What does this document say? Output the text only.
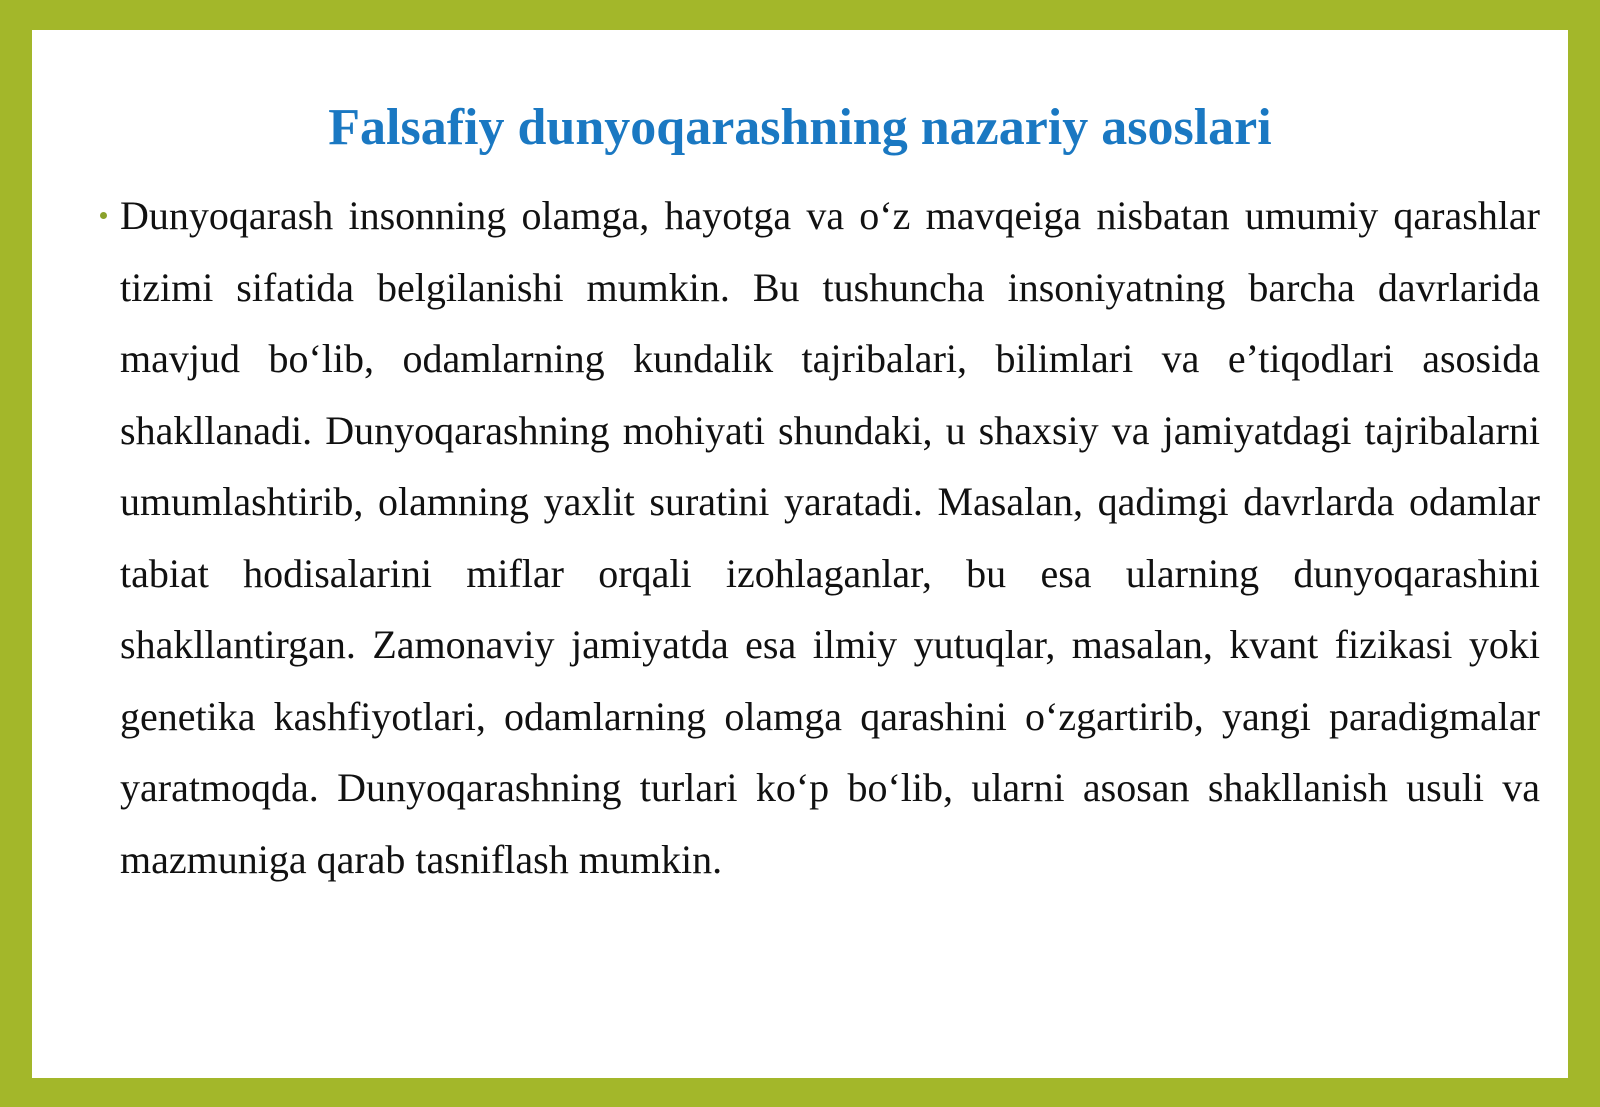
Falsafiy dunyoqarashning nazariy asoslari

Dunyoqarash insonning olamga, hayotga va o‘z mavqeiga nisbatan umumiy qarashlar tizimi sifatida belgilanishi mumkin. Bu tushuncha insoniyatning barcha davrlarida mavjud bo‘lib, odamlarning kundalik tajribalari, bilimlari va e’tiqodlari asosida shakllanadi. Dunyoqarashning mohiyati shundaki, u shaxsiy va jamiyatdagi tajribalarni umumlashtirib, olamning yaxlit suratini yaratadi. Masalan, qadimgi davrlarda odamlar tabiat hodisalarini miflar orqali izohlaganlar, bu esa ularning dunyoqarashini shakllantirgan. Zamonaviy jamiyatda esa ilmiy yutuqlar, masalan, kvant fizikasi yoki genetika kashfiyotlari, odamlarning olamga qarashini o‘zgartirib, yangi paradigmalar yaratmoqda. Dunyoqarashning turlari ko‘p bo‘lib, ularni asosan shakllanish usuli va mazmuniga qarab tasniflash mumkin.
